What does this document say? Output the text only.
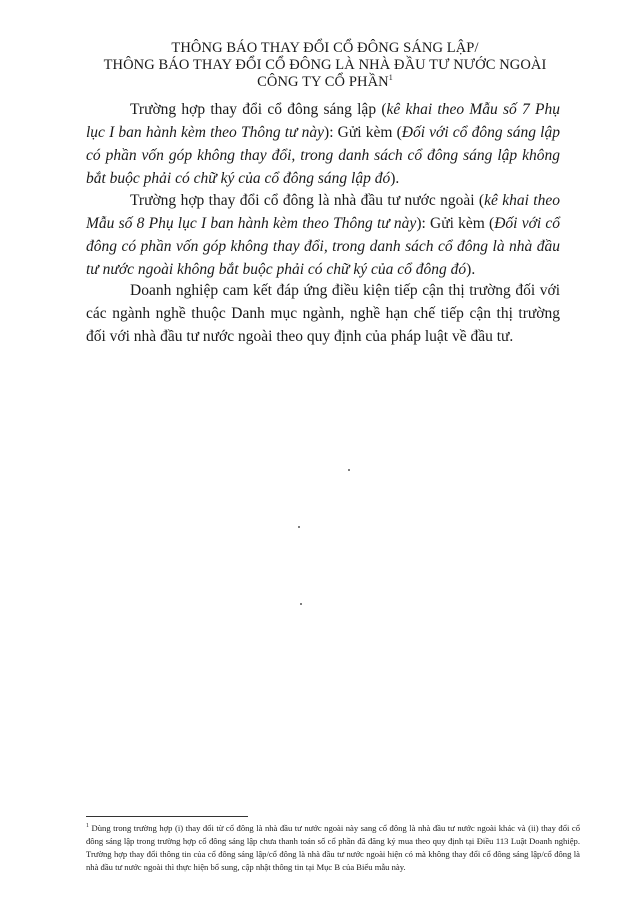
THÔNG BÁO THAY ĐỔI CỔ ĐÔNG SÁNG LẬP/
THÔNG BÁO THAY ĐỔI CỔ ĐÔNG LÀ NHÀ ĐẦU TƯ NƯỚC NGOÀI
CÔNG TY CỔ PHẦN$^1$
Trường hợp thay đổi cổ đông sáng lập (kê khai theo Mẫu số 7 Phụ lục I ban hành kèm theo Thông tư này): Gửi kèm (Đối với cổ đông sáng lập có phần vốn góp không thay đổi, trong danh sách cổ đông sáng lập không bắt buộc phải có chữ ký của cổ đông sáng lập đó).
Trường hợp thay đổi cổ đông là nhà đầu tư nước ngoài (kê khai theo Mẫu số 8 Phụ lục I ban hành kèm theo Thông tư này): Gửi kèm (Đối với cổ đông có phần vốn góp không thay đổi, trong danh sách cổ đông là nhà đầu tư nước ngoài không bắt buộc phải có chữ ký của cổ đông đó).
Doanh nghiệp cam kết đáp ứng điều kiện tiếp cận thị trường đối với các ngành nghề thuộc Danh mục ngành, nghề hạn chế tiếp cận thị trường đối với nhà đầu tư nước ngoài theo quy định của pháp luật về đầu tư.
$^1$ Dùng trong trường hợp (i) thay đổi từ cổ đông là nhà đầu tư nước ngoài này sang cổ đông là nhà đầu tư nước ngoài khác và (ii) thay đổi cổ đông sáng lập trong trường hợp cổ đông sáng lập chưa thanh toán số cổ phần đã đăng ký mua theo quy định tại Điều 113 Luật Doanh nghiệp. Trường hợp thay đổi thông tin của cổ đông sáng lập/cổ đông là nhà đầu tư nước ngoài hiện có mà không thay đổi cổ đông sáng lập/cổ đông là nhà đầu tư nước ngoài thì thực hiện bổ sung, cập nhật thông tin tại Mục B của Biểu mẫu này.
